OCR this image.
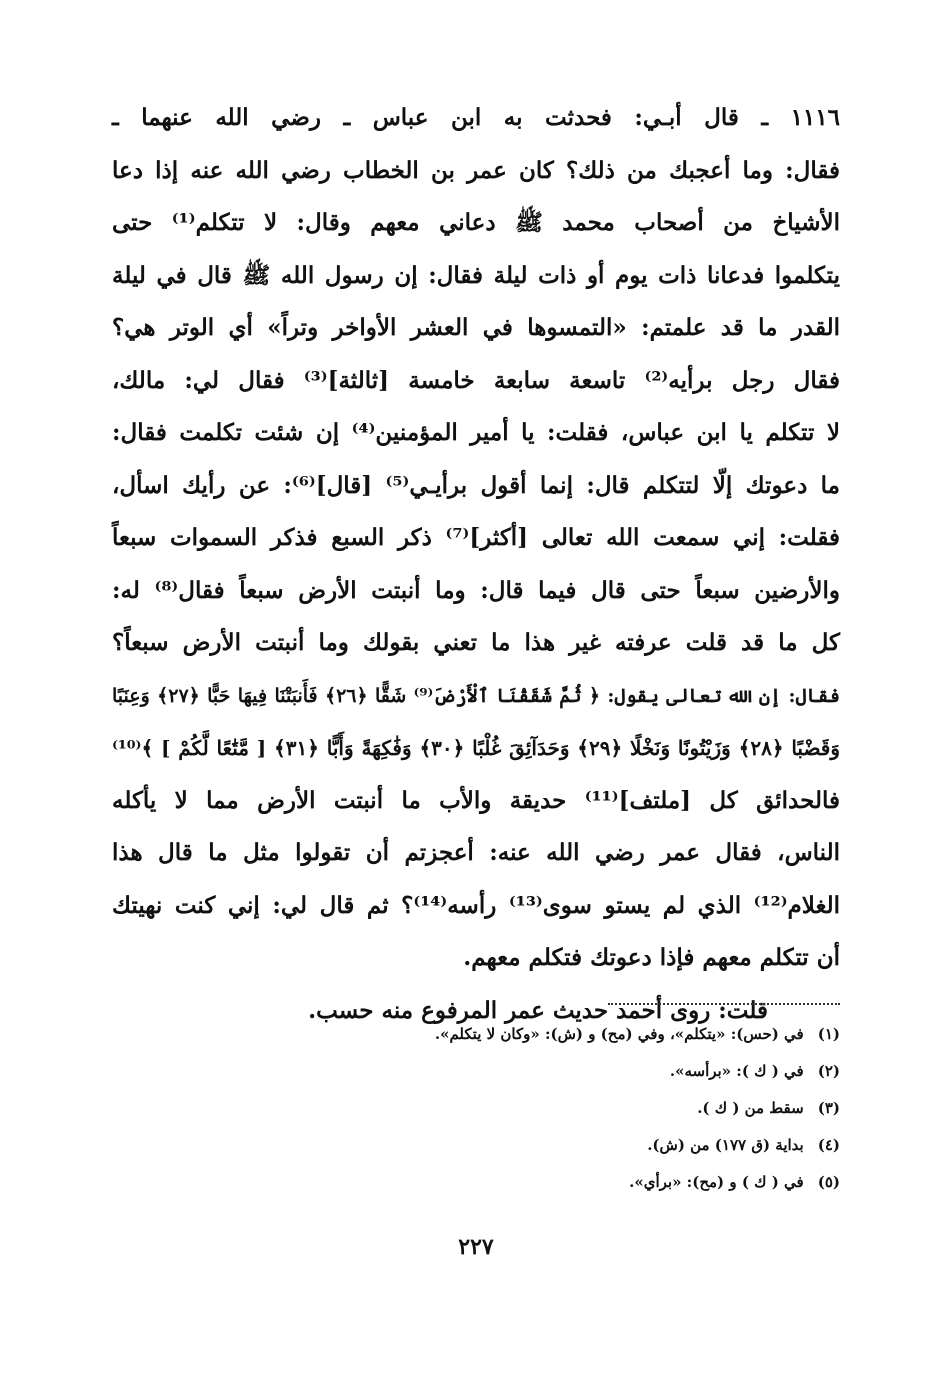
١١١٦ ـ قال أبـي: فحدثت به ابن عباس ـ رضي الله عنهما ـ
فقال: وما أعجبك من ذلك؟ كان عمر بن الخطاب رضي الله عنه إذا دعا
الأشياخ من أصحاب محمد ﷺ دعاني معهم وقال: لا تتكلم⁽¹⁾ حتى
يتكلموا فدعانا ذات يوم أو ذات ليلة فقال: إن رسول الله ﷺ قال في ليلة
القدر ما قد علمتم: «التمسوها في العشر الأواخر وتراً» أي الوتر هي؟
فقال رجل برأيه⁽²⁾ تاسعة سابعة خامسة [ثالثة]⁽³⁾ فقال لي: مالك،
لا تتكلم يا ابن عباس، فقلت: يا أمير المؤمنين⁽⁴⁾ إن شئت تكلمت فقال:
ما دعوتك إلّا لتتكلم قال: إنما أقول برأيـي⁽⁵⁾ [قال]⁽⁶⁾: عن رأيك اسأل،
فقلت: إني سمعت الله تعالى [أكثر]⁽⁷⁾ ذكر السبع فذكر السموات سبعاً
والأرضين سبعاً حتى قال فيما قال: وما أنبتت الأرض سبعاً فقال⁽⁸⁾ له:
كل ما قد قلت عرفته غير هذا ما تعني بقولك وما أنبتت الأرض سبعاً؟
فقال: إن الله تعالى يقول: ﴿ ثُمَّ شَقَقْنَا ٱلْأَرْضَ⁽⁹⁾ شَقًّا ﴿٢٦﴾ فَأَنبَتْنَا فِيهَا حَبًّا ﴿٢٧﴾ وَعِنَبًا
وَقَضْبًا ﴿٢٨﴾ وَزَيْتُونًا وَنَخْلًا ﴿٢٩﴾ وَحَدَآئِقَ غُلْبًا ﴿٣٠﴾ وَفَٰكِهَةً وَأَبًّا ﴿٣١﴾ [ مَّتَٰعًا لَّكُمْ ] ﴾⁽¹⁰⁾
فالحدائق كل [ملتف]⁽¹¹⁾ حديقة والأب ما أنبتت الأرض مما لا يأكله
الناس، فقال عمر رضي الله عنه: أعجزتم أن تقولوا مثل ما قال هذا
الغلام⁽¹²⁾ الذي لم يستو سوى⁽¹³⁾ رأسه⁽¹⁴⁾؟ ثم قال لي: إني كنت نهيتك
أن تتكلم معهم فإذا دعوتك فتكلم معهم.
قلت: روى أحمد حديث عمر المرفوع منه حسب.
(١)في (حس): «يتكلم»، وفي (مح) و (ش): «وكان لا يتكلم».
(٢)في ( ك ): «برأسه».
(٣)سقط من ( ك ).
(٤)بداية (ق ١٧٧) من (ش).
(٥)في ( ك ) و (مح): «برأي».
٢٢٧
